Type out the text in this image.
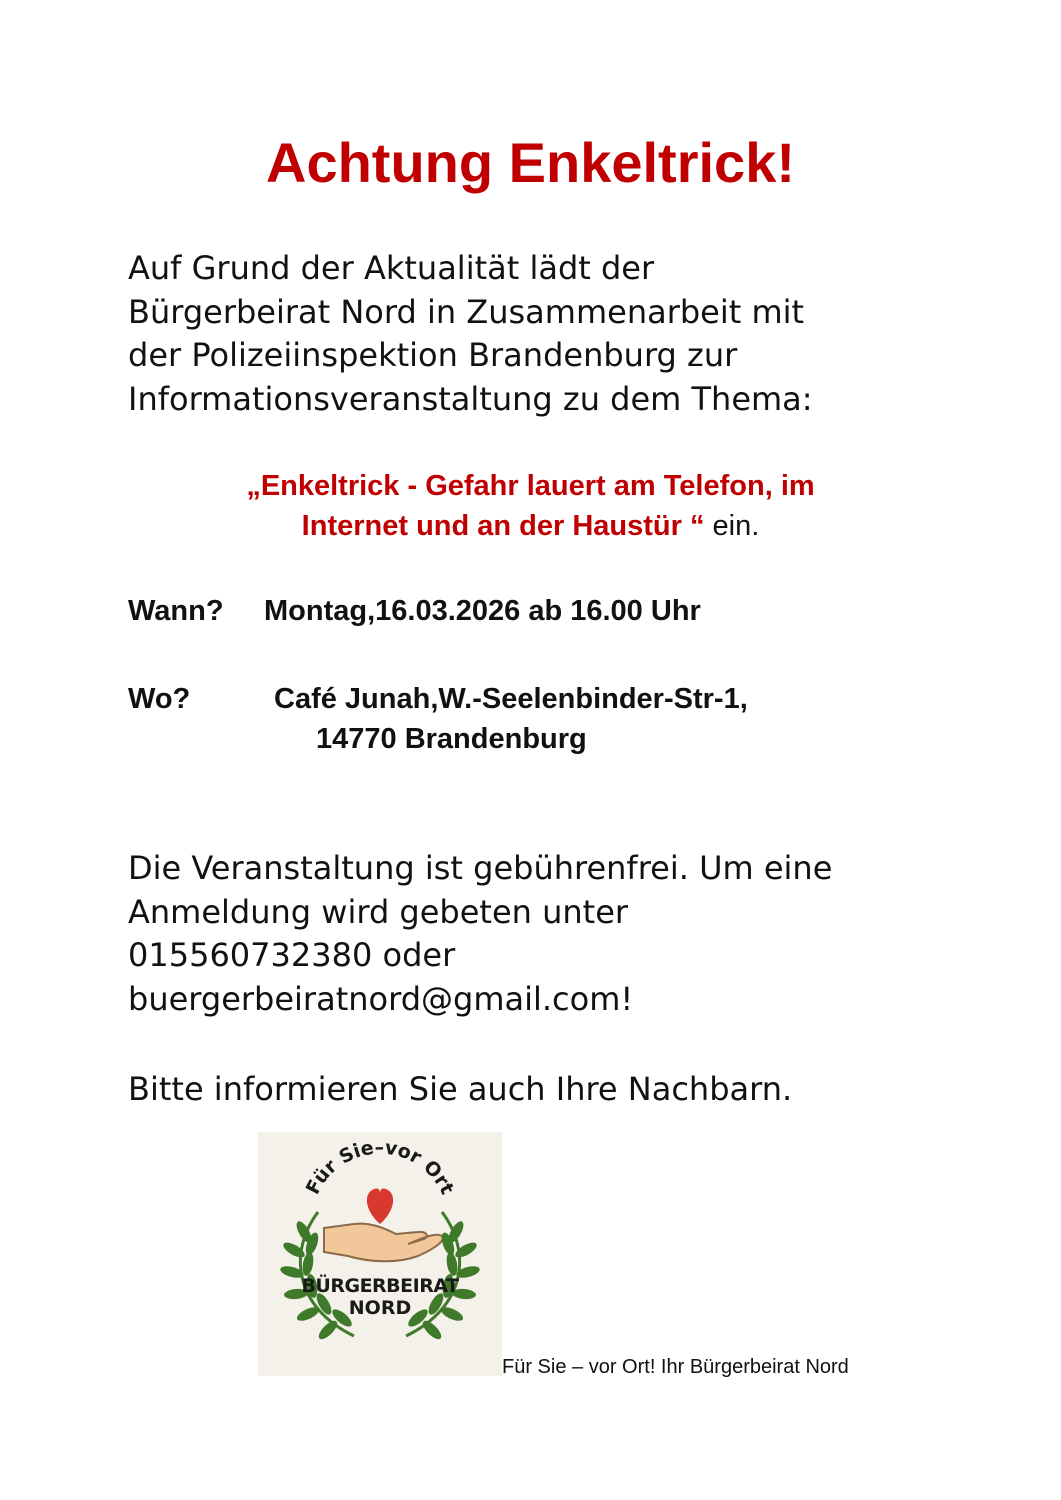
Achtung Enkeltrick!
Auf Grund der Aktualität lädt der
Bürgerbeirat Nord in Zusammenarbeit mit
der Polizeiinspektion Brandenburg zur
Informationsveranstaltung zu dem Thema:
„Enkeltrick - Gefahr lauert am Telefon, im
Internet und an der Haustür “ ein.
Wann? Montag,16.03.2026 ab 16.00 Uhr
Wo?	Café Junah,W.-Seelenbinder-Str-1,
14770 Brandenburg
Die Veranstaltung ist gebührenfrei. Um eine
Anmeldung wird gebeten unter
015560732380 oder
buergerbeiratnord@gmail.com!
Bitte informieren Sie auch Ihre Nachbarn.
Für Sie–vor Ort
BÜRGERBEIRAT
NORD
Für Sie – vor Ort! Ihr Bürgerbeirat Nord
